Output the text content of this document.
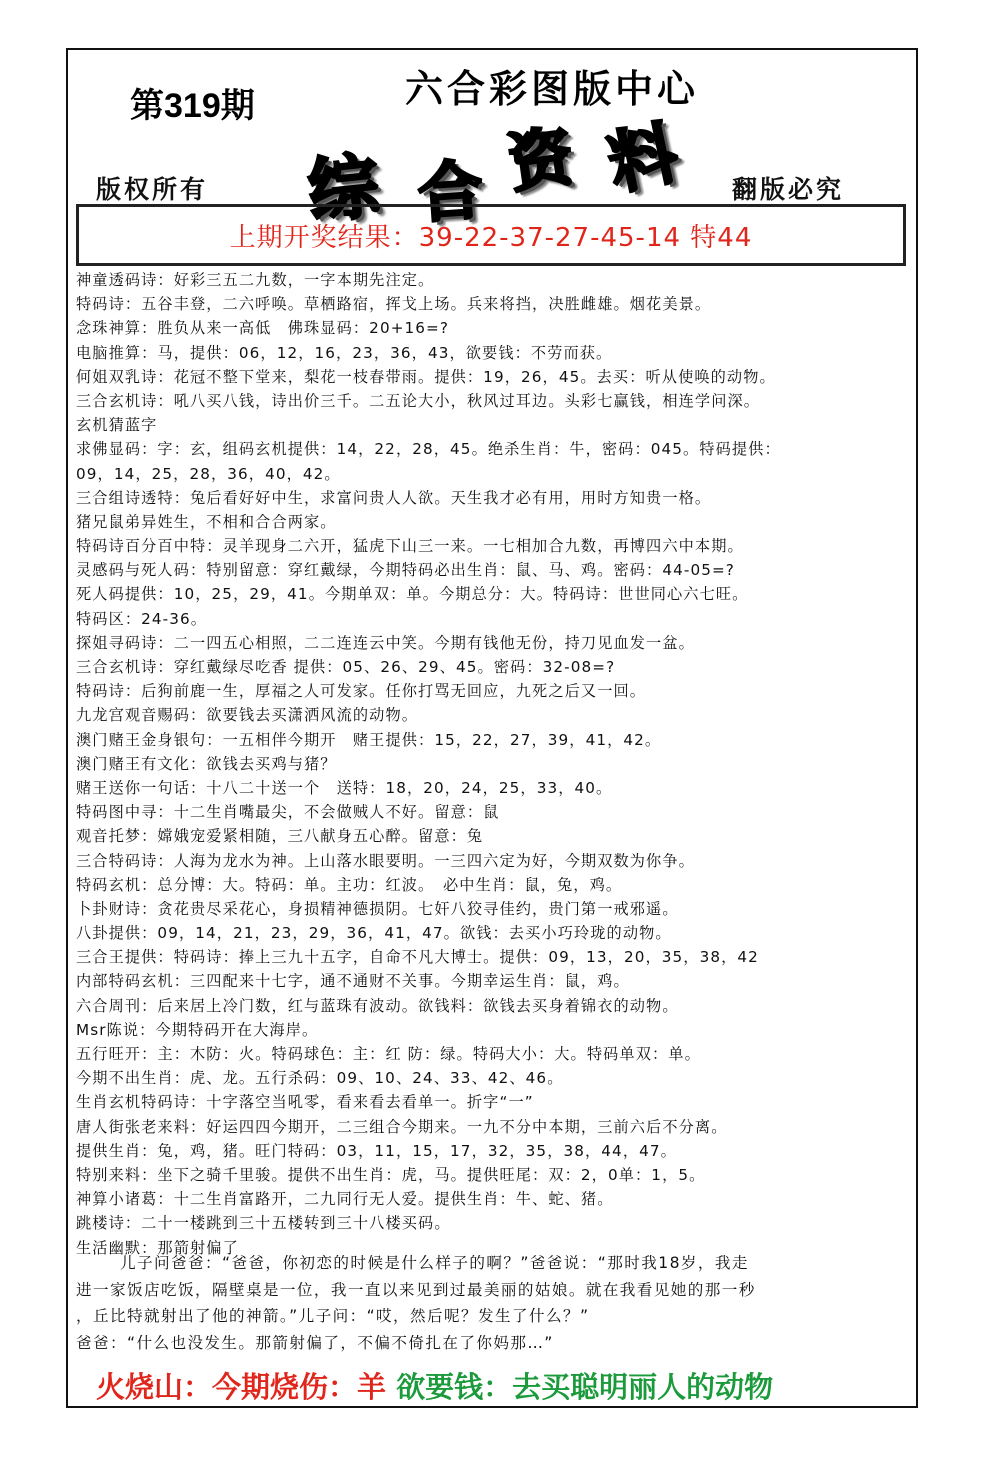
第319期	六合彩图版中心
综 合 资 料
版权所有	翻版必究
上期开奖结果：39-22-37-27-45-14 特44
神童透码诗：好彩三五二九数，一字本期先注定。
特码诗：五谷丰登，二六呼唤。草栖路宿，挥戈上场。兵来将挡，决胜雌雄。烟花美景。
念珠神算：胜负从来一高低　佛珠显码：20+16=?
电脑推算：马，提供：06，12，16，23，36，43，欲要钱：不劳而获。
何姐双乳诗：花冠不整下堂来，梨花一枝春带雨。提供：19，26，45。去买：听从使唤的动物。
三合玄机诗：吼八买八钱，诗出价三千。二五论大小，秋风过耳边。头彩七赢钱，相连学问深。
玄机猜蓝字
求佛显码：字：玄，组码玄机提供：14，22，28，45。绝杀生肖：牛，密码：045。特码提供：
09，14，25，28，36，40，42。
三合组诗透特：兔后看好好中生，求富问贵人人欲。天生我才必有用，用时方知贵一格。
猪兄鼠弟异姓生，不相和合合两家。
特码诗百分百中特：灵羊现身二六开，猛虎下山三一来。一七相加合九数，再博四六中本期。
灵感码与死人码：特别留意：穿红戴绿，今期特码必出生肖：鼠、马、鸡。密码：44-05=?
死人码提供：10，25，29，41。今期单双：单。今期总分：大。特码诗：世世同心六七旺。
特码区：24-36。
探姐寻码诗：二一四五心相照，二二连连云中笑。今期有钱他无份，持刀见血发一盆。
三合玄机诗：穿红戴绿尽吃香 提供：05、26、29、45。密码：32-08=?
特码诗：后狗前鹿一生，厚福之人可发家。任你打骂无回应，九死之后又一回。
九龙宫观音赐码：欲要钱去买潇洒风流的动物。
澳门赌王金身银句：一五相伴今期开　赌王提供：15，22，27，39，41，42。
澳门赌王有文化：欲钱去买鸡与猪？
赌王送你一句话：十八二十送一个　送特：18，20，24，25，33，40。
特码图中寻：十二生肖嘴最尖，不会做贼人不好。留意：鼠
观音托梦：嫦娥宠爱紧相随，三八献身五心醉。留意：兔
三合特码诗：人海为龙水为神。上山落水眼要明。一三四六定为好，今期双数为你争。
特码玄机：总分博：大。特码：单。主功：红波。　必中生肖：鼠，兔，鸡。
卜卦财诗：贪花贵尽采花心，身损精神德损阴。七奸八狡寻佳约，贵门第一戒邪遥。
八卦提供：09，14，21，23，29，36，41，47。欲钱：去买小巧玲珑的动物。
三合王提供：特码诗：捧上三九十五字，自命不凡大博士。提供：09，13，20，35，38，42
内部特码玄机：三四配来十七字，通不通财不关事。今期幸运生肖：鼠，鸡。
六合周刊：后来居上冷门数，红与蓝珠有波动。欲钱料：欲钱去买身着锦衣的动物。
Msr陈说：今期特码开在大海岸。
五行旺开：主：木防：火。特码球色：主：红 防：绿。特码大小：大。特码单双：单。
今期不出生肖：虎、龙。五行杀码：09、10、24、33、42、46。
生肖玄机特码诗：十字落空当吼零，看来看去看单一。折字“一”
唐人街张老来料：好运四四今期开，二三组合今期来。一九不分中本期，三前六后不分离。
提供生肖：兔，鸡，猪。旺门特码：03，11，15，17，32，35，38，44，47。
特别来料：坐下之骑千里骏。提供不出生肖：虎，马。提供旺尾：双：2，0单：1，5。
神算小诸葛：十二生肖富路开，二九同行无人爱。提供生肖：牛、蛇、猪。
跳楼诗：二十一楼跳到三十五楼转到三十八楼买码。
生活幽默：那箭射偏了
儿子问爸爸：“爸爸，你初恋的时候是什么样子的啊？”爸爸说：“那时我18岁，我走
进一家饭店吃饭，隔壁桌是一位，我一直以来见到过最美丽的姑娘。就在我看见她的那一秒
，丘比特就射出了他的神箭。”儿子问：“哎，然后呢？发生了什么？”
爸爸：“什么也没发生。那箭射偏了，不偏不倚扎在了你妈那…”
火烧山：今期烧伤：羊 欲要钱：去买聪明丽人的动物
